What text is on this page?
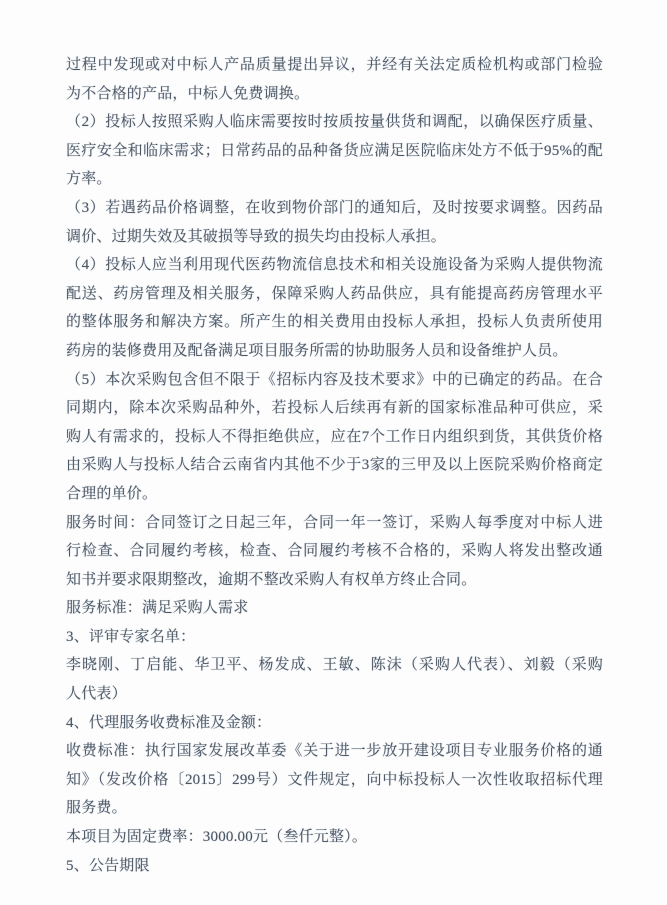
过程中发现或对中标人产品质量提出异议，并经有关法定质检机构或部门检验
为不合格的产品，中标人免费调换。
（2）投标人按照采购人临床需要按时按质按量供货和调配，以确保医疗质量、
医疗安全和临床需求；日常药品的品种备货应满足医院临床处方不低于95%的配
方率。
（3）若遇药品价格调整，在收到物价部门的通知后，及时按要求调整。因药品
调价、过期失效及其破损等导致的损失均由投标人承担。
（4）投标人应当利用现代医药物流信息技术和相关设施设备为采购人提供物流
配送、药房管理及相关服务，保障采购人药品供应，具有能提高药房管理水平
的整体服务和解决方案。所产生的相关费用由投标人承担，投标人负责所使用
药房的装修费用及配备满足项目服务所需的协助服务人员和设备维护人员。
（5）本次采购包含但不限于《招标内容及技术要求》中的已确定的药品。在合
同期内，除本次采购品种外，若投标人后续再有新的国家标准品种可供应，采
购人有需求的，投标人不得拒绝供应，应在7个工作日内组织到货，其供货价格
由采购人与投标人结合云南省内其他不少于3家的三甲及以上医院采购价格商定
合理的单价。
服务时间：合同签订之日起三年，合同一年一签订，采购人每季度对中标人进
行检查、合同履约考核，检查、合同履约考核不合格的，采购人将发出整改通
知书并要求限期整改，逾期不整改采购人有权单方终止合同。
服务标准：满足采购人需求
3、评审专家名单：
李晓刚、丁启能、华卫平、杨发成、王敏、陈沫（采购人代表）、刘毅（采购
人代表）
4、代理服务收费标准及金额：
收费标准：执行国家发展改革委《关于进一步放开建设项目专业服务价格的通
知》（发改价格〔2015〕299号）文件规定，向中标投标人一次性收取招标代理
服务费。
本项目为固定费率：3000.00元（叁仟元整）。
5、公告期限
